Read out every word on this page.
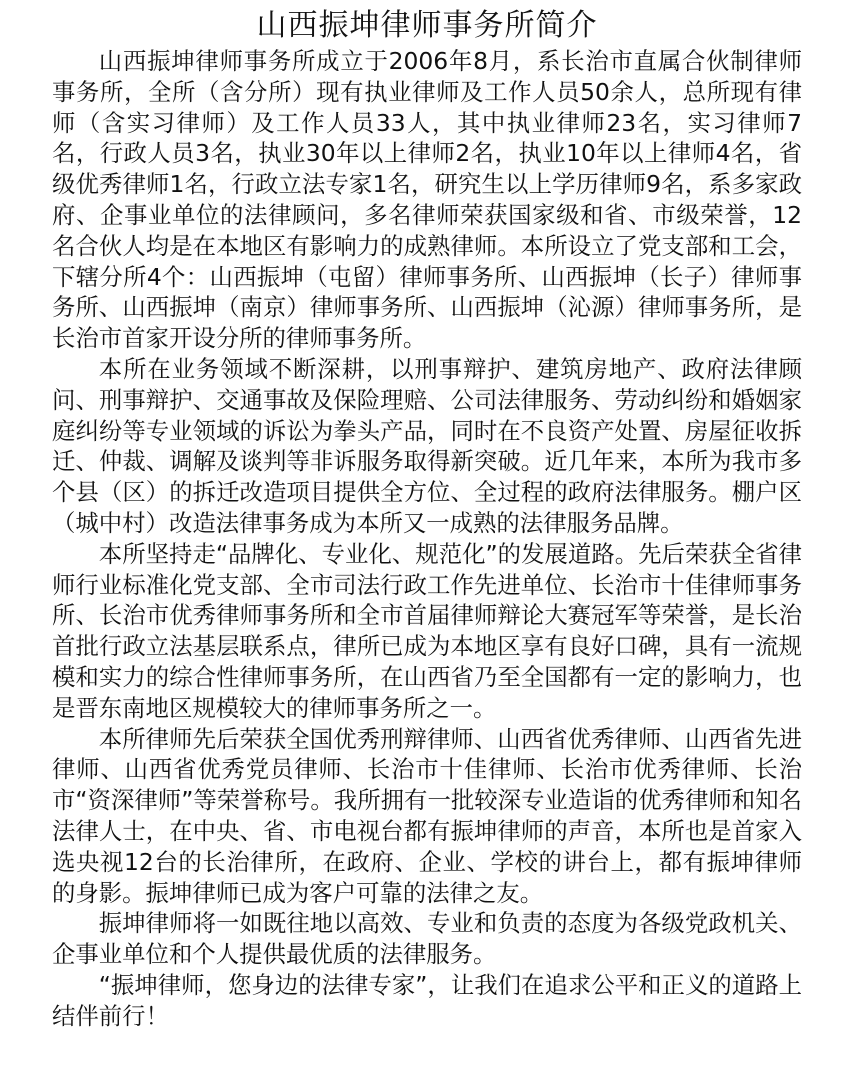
山西振坤律师事务所简介

山西振坤律师事务所成立于2006年8月，系长治市直属合伙制律师事务所，全所（含分所）现有执业律师及工作人员50余人，总所现有律师（含实习律师）及工作人员33人，其中执业律师23名，实习律师7名，行政人员3名，执业30年以上律师2名，执业10年以上律师4名，省级优秀律师1名，行政立法专家1名，研究生以上学历律师9名，系多家政府、企事业单位的法律顾问，多名律师荣获国家级和省、市级荣誉，12名合伙人均是在本地区有影响力的成熟律师。本所设立了党支部和工会，下辖分所4个：山西振坤（屯留）律师事务所、山西振坤（长子）律师事务所、山西振坤（南京）律师事务所、山西振坤（沁源）律师事务所，是长治市首家开设分所的律师事务所。

本所在业务领域不断深耕，以刑事辩护、建筑房地产、政府法律顾问、刑事辩护、交通事故及保险理赔、公司法律服务、劳动纠纷和婚姻家庭纠纷等专业领域的诉讼为拳头产品，同时在不良资产处置、房屋征收拆迁、仲裁、调解及谈判等非诉服务取得新突破。近几年来，本所为我市多个县（区）的拆迁改造项目提供全方位、全过程的政府法律服务。棚户区（城中村）改造法律事务成为本所又一成熟的法律服务品牌。

本所坚持走“品牌化、专业化、规范化”的发展道路。先后荣获全省律师行业标准化党支部、全市司法行政工作先进单位、长治市十佳律师事务所、长治市优秀律师事务所和全市首届律师辩论大赛冠军等荣誉，是长治首批行政立法基层联系点，律所已成为本地区享有良好口碑，具有一流规模和实力的综合性律师事务所，在山西省乃至全国都有一定的影响力，也是晋东南地区规模较大的律师事务所之一。

本所律师先后荣获全国优秀刑辩律师、山西省优秀律师、山西省先进律师、山西省优秀党员律师、长治市十佳律师、长治市优秀律师、长治市“资深律师”等荣誉称号。我所拥有一批较深专业造诣的优秀律师和知名法律人士，在中央、省、市电视台都有振坤律师的声音，本所也是首家入选央视12台的长治律所，在政府、企业、学校的讲台上，都有振坤律师的身影。振坤律师已成为客户可靠的法律之友。

振坤律师将一如既往地以高效、专业和负责的态度为各级党政机关、企事业单位和个人提供最优质的法律服务。

“振坤律师，您身边的法律专家”，让我们在追求公平和正义的道路上结伴前行！
